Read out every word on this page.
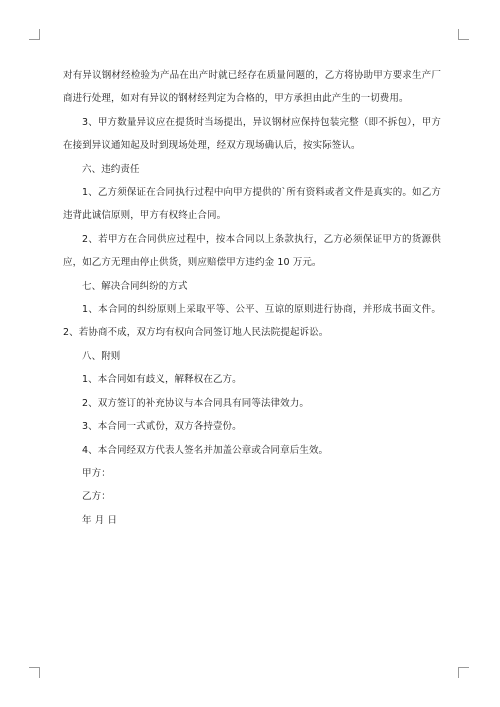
对有异议钢材经检验为产品在出产时就已经存在质量问题的，乙方将协助甲方要求生产厂商进行处理，如对有异议的钢材经判定为合格的，甲方承担由此产生的一切费用。

3、甲方数量异议应在提货时当场提出，异议钢材应保持包装完整（即不拆包），甲方在接到异议通知起及时到现场处理，经双方现场确认后，按实际签认。

六、违约责任

1、乙方须保证在合同执行过程中向甲方提供的`所有资料或者文件是真实的。如乙方违背此诚信原则，甲方有权终止合同。

2、若甲方在合同供应过程中，按本合同以上条款执行，乙方必须保证甲方的货源供应，如乙方无理由停止供货，则应赔偿甲方违约金 10 万元。

七、解决合同纠纷的方式

1、本合同的纠纷原则上采取平等、公平、互谅的原则进行协商，并形成书面文件。2、若协商不成，双方均有权向合同签订地人民法院提起诉讼。

八、附则

1、本合同如有歧义，解释权在乙方。

2、双方签订的补充协议与本合同具有同等法律效力。

3、本合同一式贰份，双方各持壹份。

4、本合同经双方代表人签名并加盖公章或合同章后生效。

甲方：

乙方：

年 月 日
